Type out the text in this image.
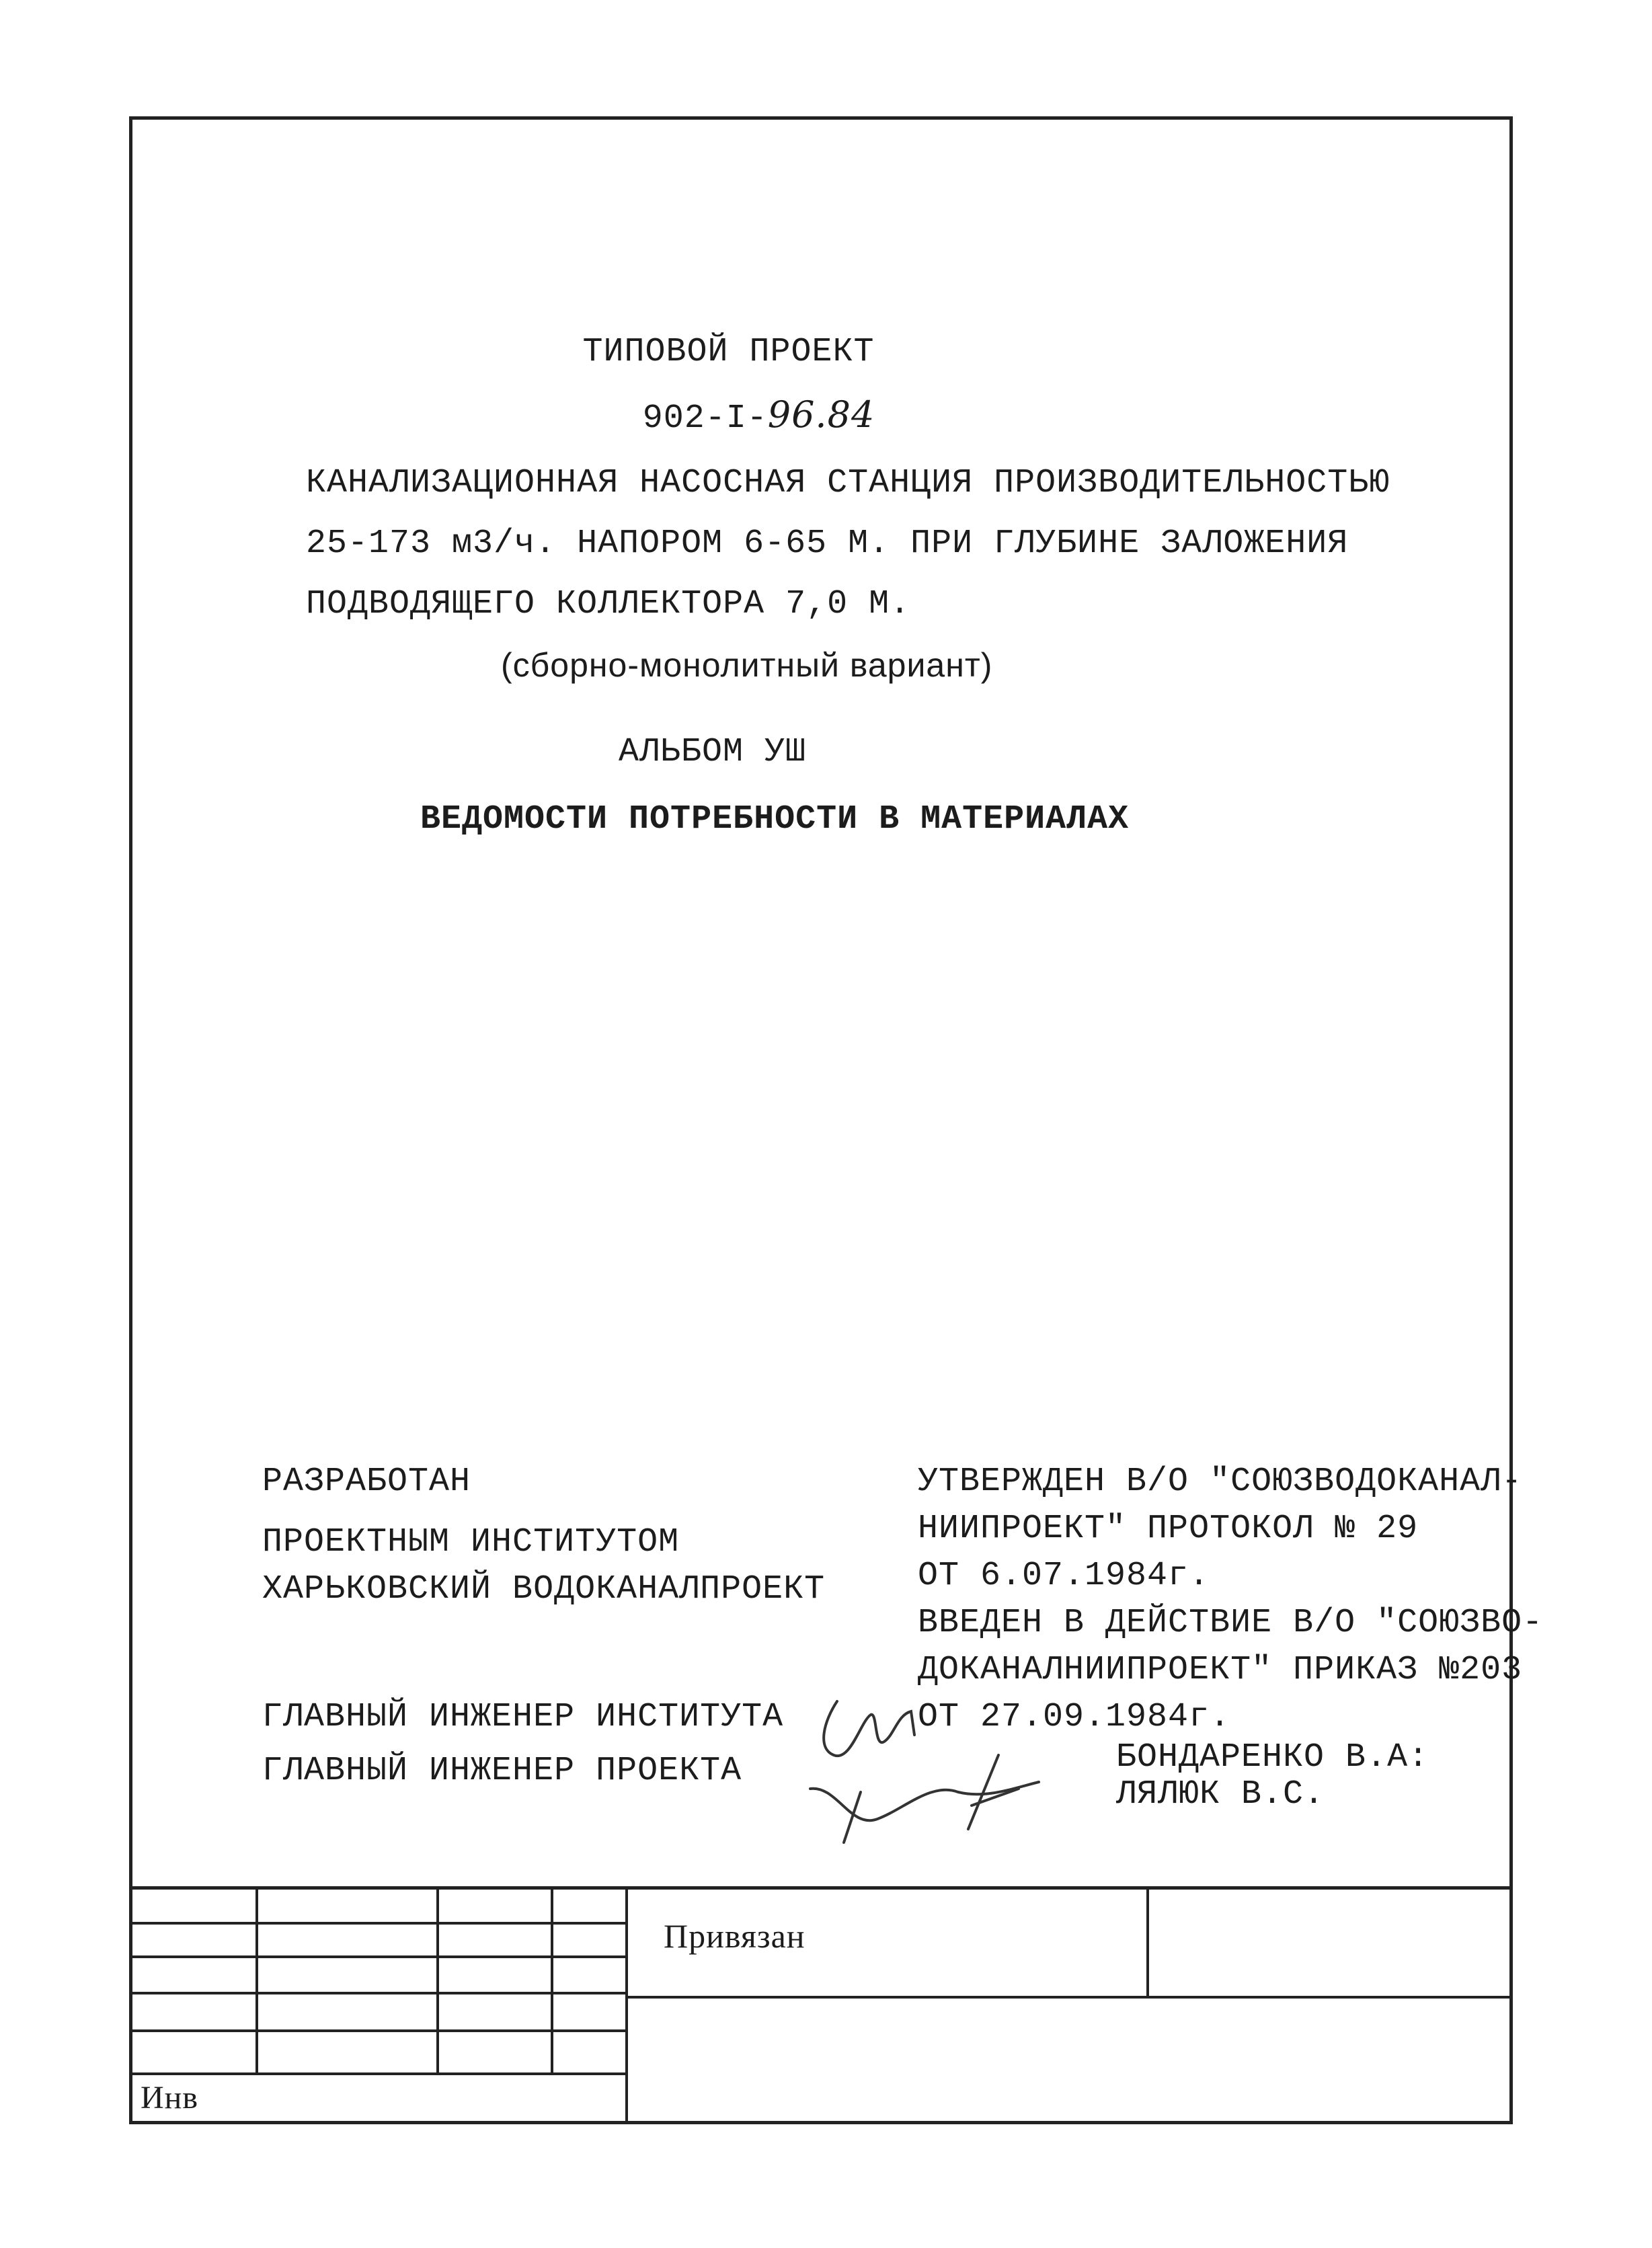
ТИПОВОЙ ПРОЕКТ
902-I-96.84
КАНАЛИЗАЦИОННАЯ НАСОСНАЯ СТАНЦИЯ ПРОИЗВОДИТЕЛЬНОСТЬЮ
25-173 м3/ч. НАПОРОМ 6-65 М. ПРИ ГЛУБИНЕ ЗАЛОЖЕНИЯ
ПОДВОДЯЩЕГО КОЛЛЕКТОРА 7,0 М.
(сборно-монолитный вариант)
АЛЬБОМ УШ
ВЕДОМОСТИ ПОТРЕБНОСТИ В МАТЕРИАЛАХ
РАЗРАБОТАН
ПРОЕКТНЫМ ИНСТИТУТОМ
ХАРЬКОВСКИЙ ВОДОКАНАЛПРОЕКТ
УТВЕРЖДЕН В/О "СОЮЗВОДОКАНАЛ-
НИИПРОЕКТ" ПРОТОКОЛ № 29
ОТ 6.07.1984г.
ВВЕДЕН В ДЕЙСТВИЕ В/О "СОЮЗВО-
ДОКАНАЛНИИПРОЕКТ" ПРИКАЗ №203
ОТ 27.09.1984г.
ГЛАВНЫЙ ИНЖЕНЕР ИНСТИТУТА
ГЛАВНЫЙ ИНЖЕНЕР ПРОЕКТА	БОНДАРЕНКО В.А:
ЛЯЛЮК В.С.
Привязан
Инв
